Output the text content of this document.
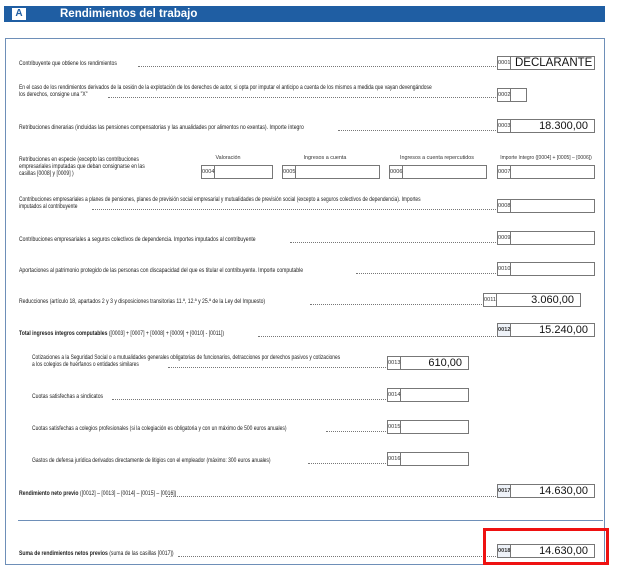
A	Rendimientos del trabajo
Contribuyente que obtiene los rendimientos	0001 DECLARANTE
En el caso de los rendimientos derivados de la cesión de la explotación de los derechos de autor, si opta por imputar el anticipo a cuenta de los mismos a medida que vayan devengándose
los derechos, consigne una "X"	0002
Retribuciones dinerarias (incluidas las pensiones compensatorias y las anualidades por alimentos no exentas). Importe íntegro	0003	18.300,00
Retribuciones en especie (excepto las contribuciones
empresariales imputadas que deban consignarse en las
casillas [0008] y [0009] )
Valoración	Ingresos a cuenta	Ingresos a cuenta repercutidos	Importe íntegro ([0004] + [0005] – [0006])
0004	0005	0006	0007
Contribuciones empresariales a planes de pensiones, planes de previsión social empresarial y mutualidades de previsión social (excepto a seguros colectivos de dependencia). Importes
imputados al contribuyente	0008
Contribuciones empresariales a seguros colectivos de dependencia. Importes imputados al contribuyente	0009
Aportaciones al patrimonio protegido de las personas con discapacidad del que es titular el contribuyente. Importe computable	0010
Reducciones (artículo 18, apartados 2 y 3 y disposiciones transitorias 11.ª, 12.ª y 25.ª de la Ley del Impuesto)	0011	3.060,00
Total ingresos íntegros computables ([0003] + [0007] + [0008] + [0009] + [0010] - [0011])	0012	15.240,00
Cotizaciones a la Seguridad Social o a mutualidades generales obligatorias de funcionarios, detracciones por derechos pasivos y cotizaciones
a los colegios de huérfanos o entidades similares	0013	610,00
Cuotas satisfechas a sindicatos	0014
Cuotas satisfechas a colegios profesionales (si la colegiación es obligatoria y con un máximo de 500 euros anuales)	0015
Gastos de defensa jurídica derivados directamente de litigios con el empleador (máximo: 300 euros anuales)	0016
Rendimiento neto previo ([0012] – [0013] – [0014] – [0015] – [0016])	0017	14.630,00
Suma de rendimientos netos previos (suma de las casillas [0017])	0018	14.630,00
